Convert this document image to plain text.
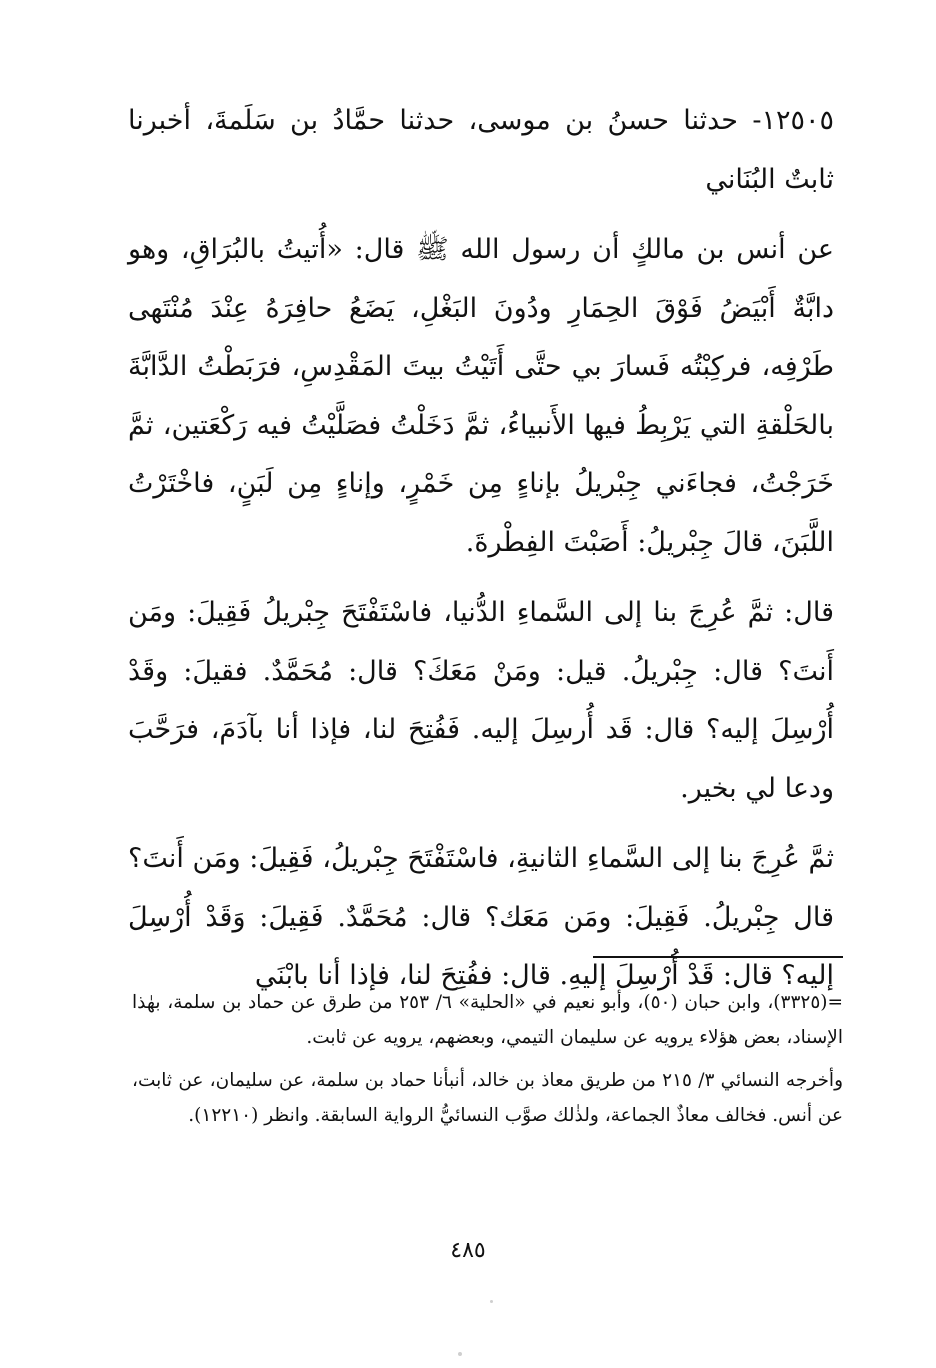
١٢٥٠٥- حدثنا حسنُ بن موسى، حدثنا حمَّادُ بن سَلَمةَ، أخبرنا ثابتٌ البُنَاني

عن أنس بن مالكٍ أن رسول الله ﷺ قال: «أُتيتُ بالبُرَاقِ، وهو دابَّةٌ أَبْيَضُ فَوْقَ الحِمَارِ ودُونَ البَغْلِ، يَضَعُ حافِرَهُ عِنْدَ مُنْتَهى طَرْفِه، فركِبْتُه فَسارَ بي حتَّى أَتَيْتُ بيتَ المَقْدِسِ، فرَبَطْتُ الدَّابَّةَ بالحَلْقةِ التي يَرْبِطُ فيها الأَنبياءُ، ثمَّ دَخَلْتُ فصَلَّيْتُ فيه رَكْعَتين، ثمَّ خَرَجْتُ، فجاءَني جِبْريلُ بإناءٍ مِن خَمْرٍ، وإناءٍ مِن لَبَنٍ، فاخْتَرْتُ اللَّبَنَ، قالَ جِبْريلُ: أَصَبْتَ الفِطْرةَ.

قال: ثمَّ عُرِجَ بنا إلى السَّماءِ الدُّنيا، فاسْتَفْتَحَ جِبْريلُ فَقِيلَ: ومَن أَنتَ؟ قال: جِبْريلُ. قيل: ومَنْ مَعَكَ؟ قال: مُحَمَّدٌ. فقيلَ: وقَدْ أُرْسِلَ إليه؟ قال: قَد أُرسِلَ إليه. فَفُتِحَ لنا، فإذا أنا بآدَمَ، فرَحَّبَ ودعا لي بخير.

ثمَّ عُرِجَ بنا إلى السَّماءِ الثانيةِ، فاسْتَفْتَحَ جِبْريلُ، فَقِيلَ: ومَن أَنتَ؟ قال جِبْريلُ. فَقِيلَ: ومَن مَعَك؟ قال: مُحَمَّدٌ. فَقِيلَ: وَقَدْ أُرْسِلَ إليه؟ قال: قَدْ أُرْسِلَ إليهِ. قال: ففُتِحَ لنا، فإذا أنا بابْنَي

=(٣٣٢٥)، وابن حبان (٥٠)، وأبو نعيم في «الحلية» ٦/ ٢٥٣ من طرق عن حماد بن سلمة، بهٰذا الإسناد، بعض هؤلاء يرويه عن سليمان التيمي، وبعضهم، يرويه عن ثابت.

وأخرجه النسائي ٣/ ٢١٥ من طريق معاذ بن خالد، أنبأنا حماد بن سلمة، عن سليمان، عن ثابت، عن أنس. فخالف معاذٌ الجماعة، ولذٰلك صوَّب النسائيُّ الرواية السابقة. وانظر (١٢٢١٠).

٤٨٥
